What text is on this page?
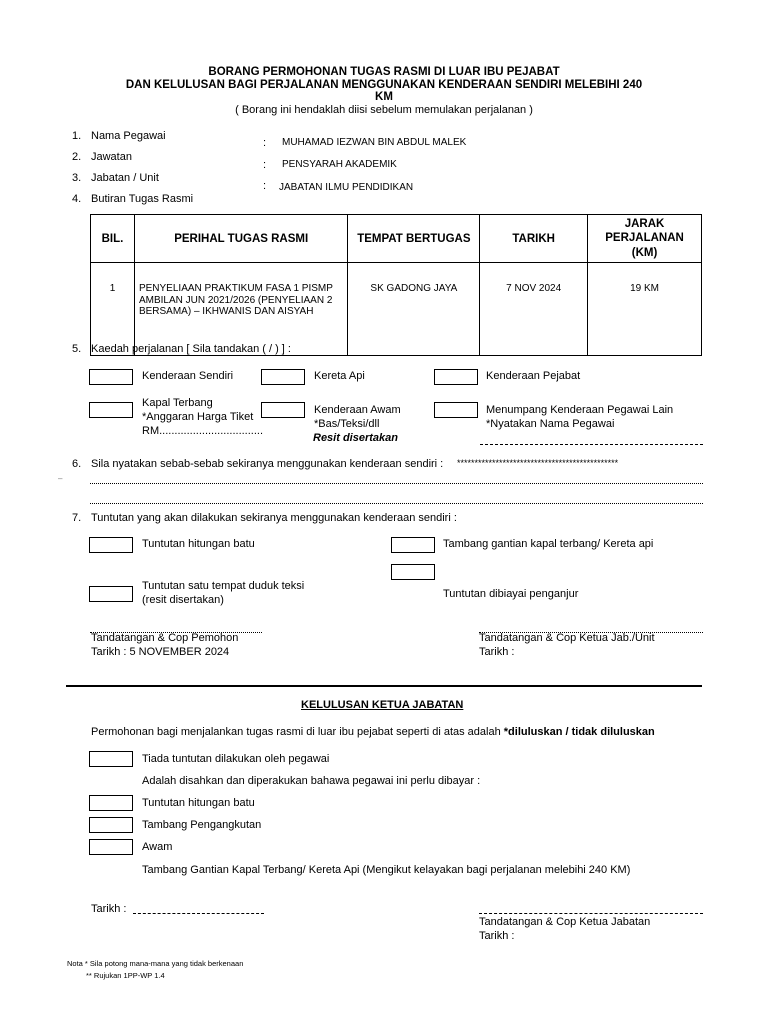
BORANG PERMOHONAN TUGAS RASMI DI LUAR IBU PEJABAT
DAN KELULUSAN BAGI PERJALANAN MENGGUNAKAN KENDERAAN SENDIRI MELEBIHI 240
KM
( Borang ini hendaklah diisi sebelum memulakan perjalanan )
1. Nama Pegawai
: MUHAMAD IEZWAN BIN ABDUL MALEK
2. Jawatan
: PENSYARAH AKADEMIK
3. Jabatan / Unit
: JABATAN ILMU PENDIDIKAN
4. Butiran Tugas Rasmi
BIL.	PERIHAL TUGAS RASMI	TEMPAT BERTUGAS	TARIKH	JARAK
PERJALANAN (KM)
1	PENYELIAAN PRAKTIKUM FASA 1 PISMP AMBILAN JUN 2021/2026 (PENYELIAAN 2 BERSAMA) – IKHWANIS DAN AISYAH	SK GADONG JAYA	7 NOV 2024	19 KM
5. Kaedah perjalanan [ Sila tandakan ( / ) ] :
Kenderaan Sendiri	Kereta Api	Kenderaan Pejabat
Kapal Terbang
*Anggaran Harga Tiket
RM..................................
Kenderaan Awam
*Bas/Teksi/dll
Resit disertakan
Menumpang Kenderaan Pegawai Lain
*Nyatakan Nama Pegawai
6. Sila nyatakan sebab-sebab sekiranya menggunakan kenderaan sendiri : **********************************************
–
7. Tuntutan yang akan dilakukan sekiranya menggunakan kenderaan sendiri :
Tuntutan hitungan batu	Tambang gantian kapal terbang/ Kereta api
Tuntutan dibiayai penganjur
Tuntutan satu tempat duduk teksi
(resit disertakan)
Tandatangan & Cop Pemohon
Tarikh : 5 NOVEMBER 2024
Tandatangan & Cop Ketua Jab./Unit
Tarikh :
KELULUSAN KETUA JABATAN
Permohonan bagi menjalankan tugas rasmi di luar ibu pejabat seperti di atas adalah *diluluskan / tidak diluluskan
Tiada tuntutan dilakukan oleh pegawai
Adalah disahkan dan diperakukan bahawa pegawai ini perlu dibayar :
Tuntutan hitungan batu
Tambang Pengangkutan
Awam
Tambang Gantian Kapal Terbang/ Kereta Api (Mengikut kelayakan bagi perjalanan melebihi 240 KM)
Tarikh :
Tandatangan & Cop Ketua Jabatan
Tarikh :
Nota * Sila potong mana-mana yang tidak berkenaan
** Rujukan 1PP-WP 1.4
